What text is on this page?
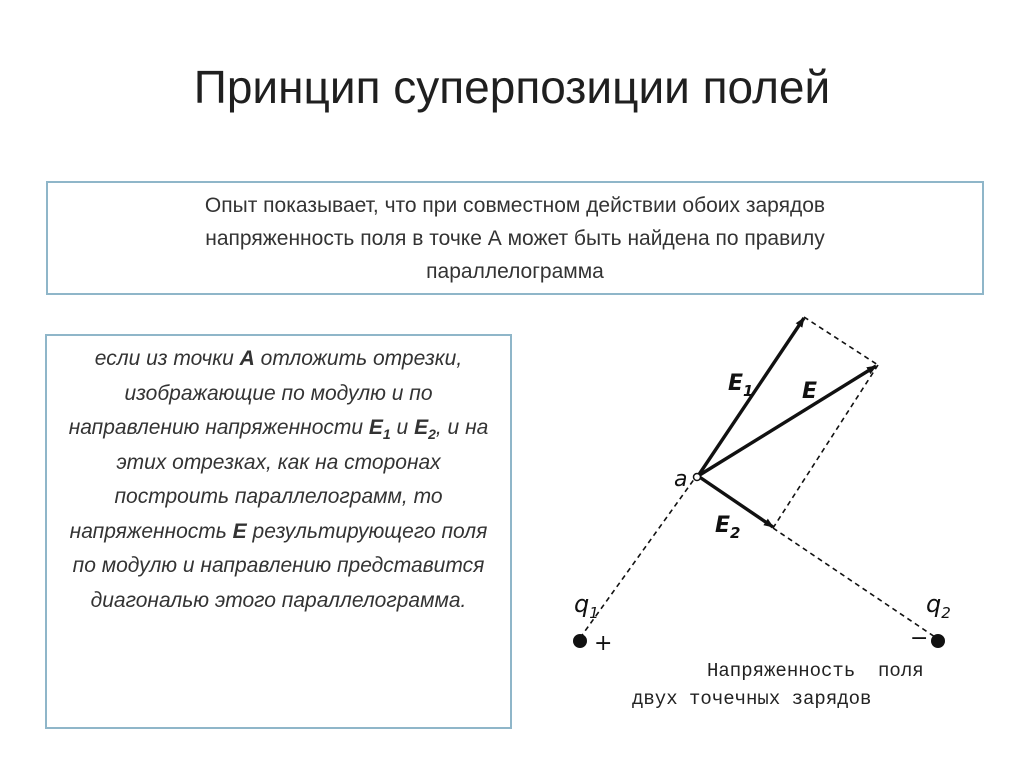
Принцип суперпозиции полей
Опыт показывает, что при совместном действии обоих зарядов
напряженность поля в точке А может быть найдена по правилу
параллелограмма
если из точки А отложить отрезки, изображающие по модулю и по направлению напряженности $E_1$ и $E_2$, и на этих отрезках, как на сторонах построить параллелограмм, то напряженность E результирующего поля по модулю и направлению представится диагональю этого параллелограмма.
$E_1$ E
$E_2$
a
$q_1$	$q_2$
+	−
Напряженность  поля
двух точечных зарядов
